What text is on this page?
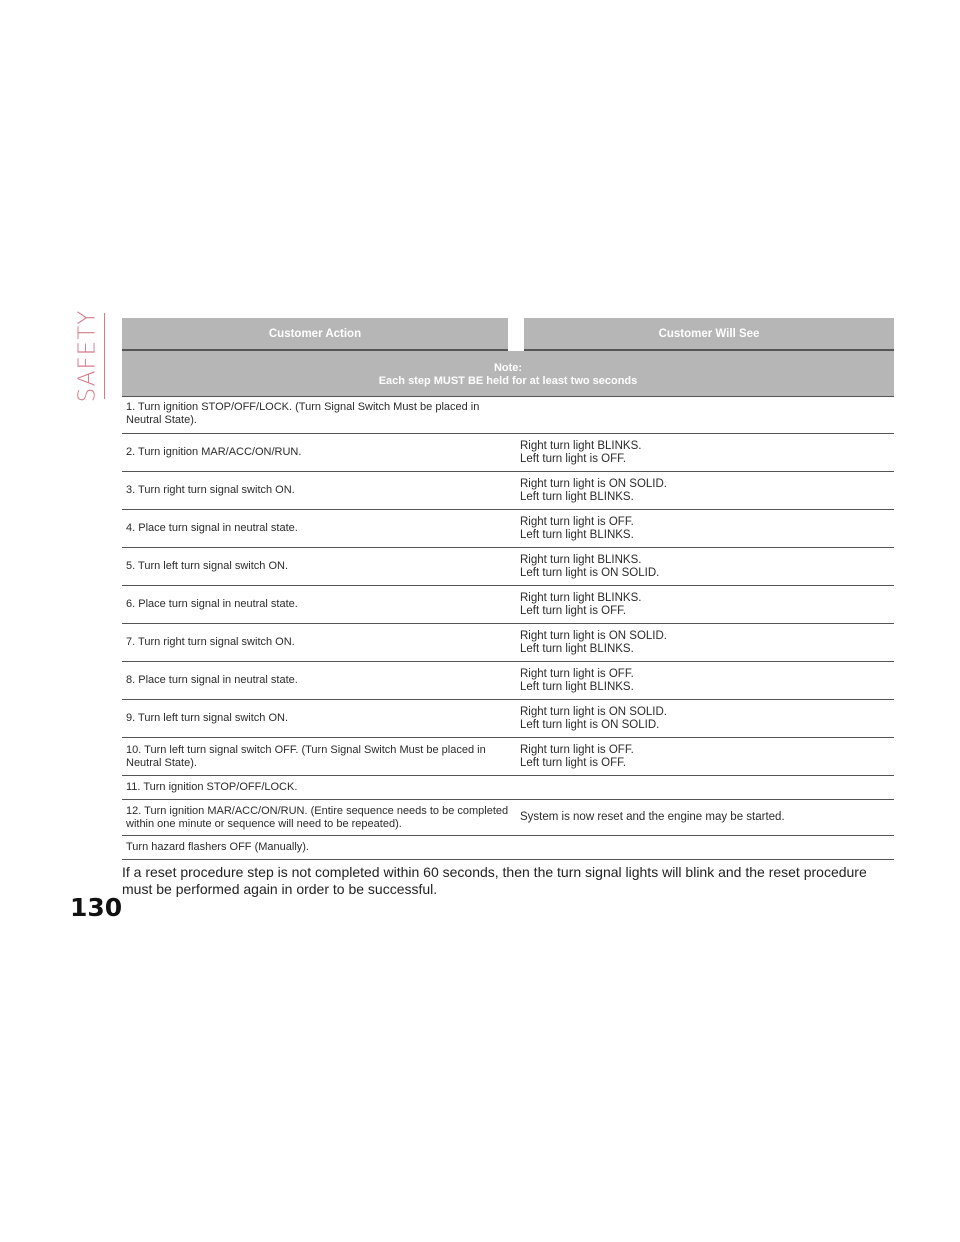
SAFETY	Customer Action	Customer Will See

Note:
Each step MUST BE held for at least two seconds	

1. Turn ignition STOP/OFF/LOCK. (Turn Signal Switch Must be placed in Neutral State).	
2. Turn ignition MAR/ACC/ON/RUN.	Right turn light BLINKS.
Left turn light is OFF.

3. Turn right turn signal switch ON.	Right turn light is ON SOLID.
Left turn light BLINKS.

4. Place turn signal in neutral state.	Right turn light is OFF.
Left turn light BLINKS.

5. Turn left turn signal switch ON.	Right turn light BLINKS.
Left turn light is ON SOLID.

6. Place turn signal in neutral state.	Right turn light BLINKS.
Left turn light is OFF.

7. Turn right turn signal switch ON.	Right turn light is ON SOLID.
Left turn light BLINKS.

8. Place turn signal in neutral state.	Right turn light is OFF.
Left turn light BLINKS.

9. Turn left turn signal switch ON.	Right turn light is ON SOLID.
Left turn light is ON SOLID.

10. Turn left turn signal switch OFF. (Turn Signal Switch Must be placed in Neutral State).	Right turn light is OFF.
Left turn light is OFF.

11. Turn ignition STOP/OFF/LOCK.	
12. Turn ignition MAR/ACC/ON/RUN. (Entire sequence needs to be completed within one minute or sequence will need to be repeated).	System is now reset and the engine may be started.

Turn hazard flashers OFF (Manually).	
If a reset procedure step is not completed within 60 seconds, then the turn signal lights will blink and the reset procedure must be performed again in order to be successful.
130
